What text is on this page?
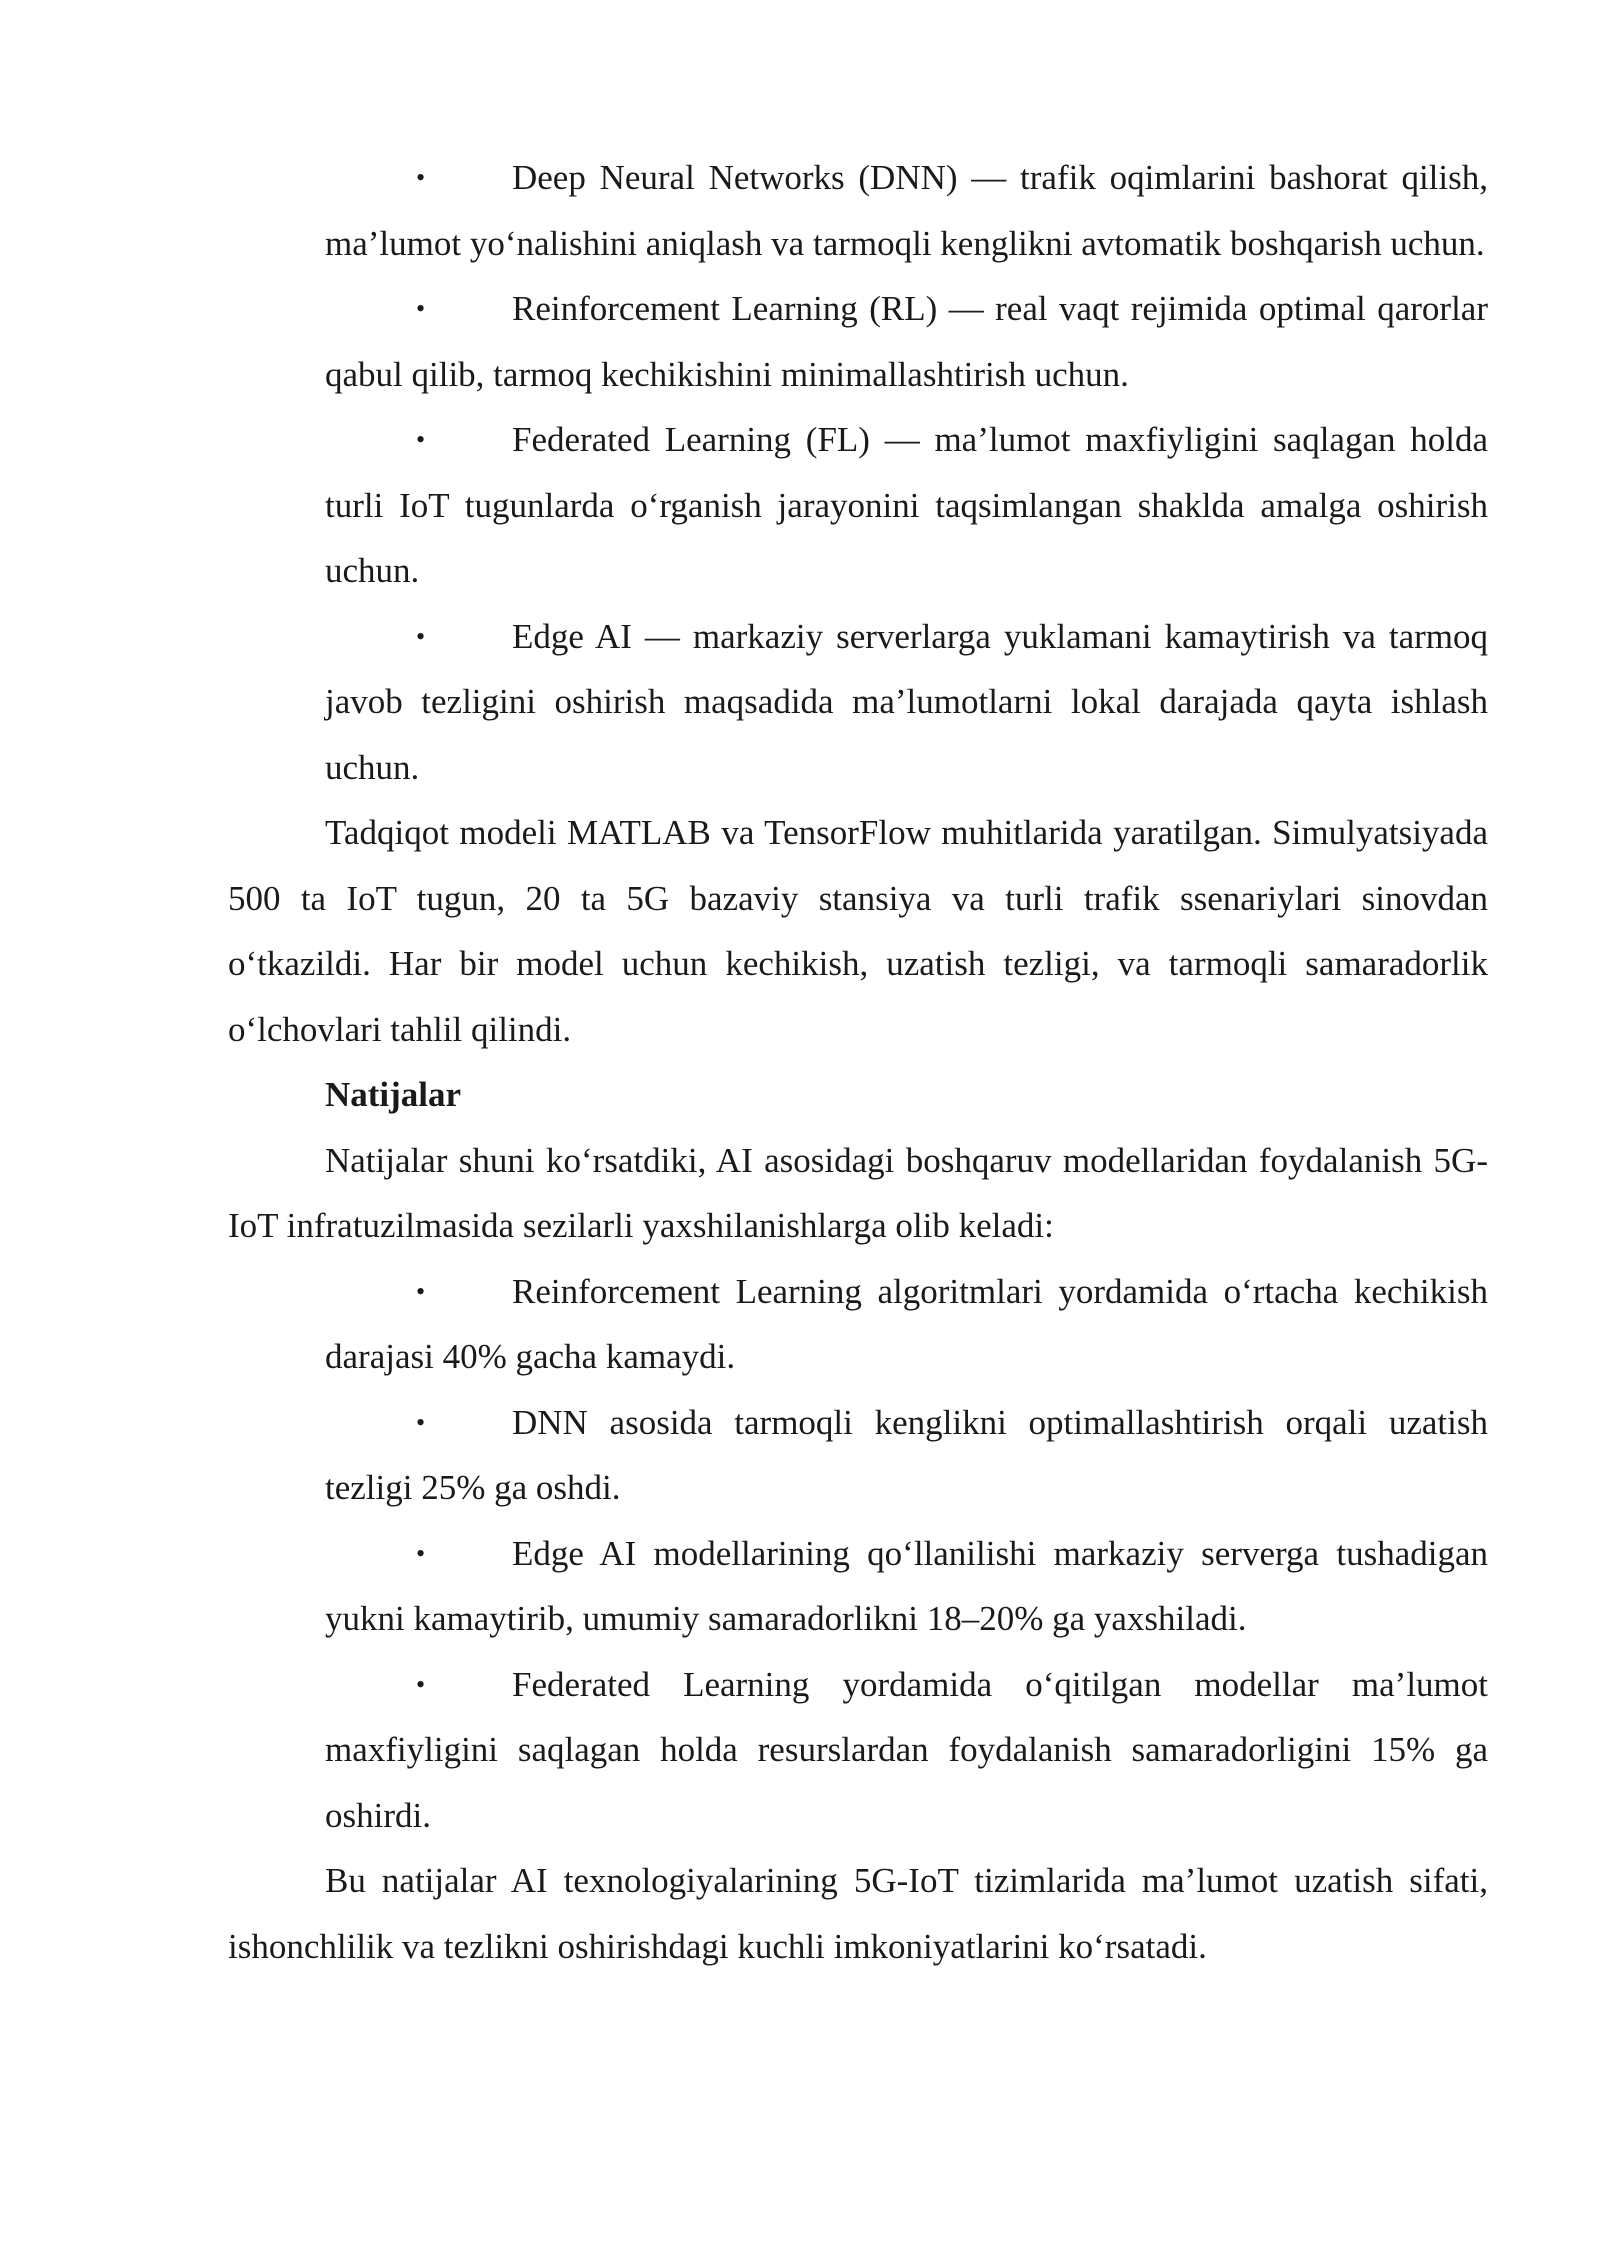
•	Deep Neural Networks (DNN) — trafik oqimlarini bashorat qilish, ma’lumot yo‘nalishini aniqlash va tarmoqli kenglikni avtomatik boshqarish uchun.
•	Reinforcement Learning (RL) — real vaqt rejimida optimal qarorlar qabul qilib, tarmoq kechikishini minimallashtirish uchun.
•	Federated Learning (FL) — ma’lumot maxfiyligini saqlagan holda turli IoT tugunlarda o‘rganish jarayonini taqsimlangan shaklda amalga oshirish uchun.
•	Edge AI — markaziy serverlarga yuklamani kamaytirish va tarmoq javob tezligini oshirish maqsadida ma’lumotlarni lokal darajada qayta ishlash uchun.
Tadqiqot modeli MATLAB va TensorFlow muhitlarida yaratilgan. Simulyatsiyada 500 ta IoT tugun, 20 ta 5G bazaviy stansiya va turli trafik ssenariylari sinovdan o‘tkazildi. Har bir model uchun kechikish, uzatish tezligi, va tarmoqli samaradorlik o‘lchovlari tahlil qilindi.
Natijalar
Natijalar shuni ko‘rsatdiki, AI asosidagi boshqaruv modellaridan foydalanish 5G-IoT infratuzilmasida sezilarli yaxshilanishlarga olib keladi:
•	Reinforcement Learning algoritmlari yordamida o‘rtacha kechikish darajasi 40% gacha kamaydi.
•	DNN asosida tarmoqli kenglikni optimallashtirish orqali uzatish tezligi 25% ga oshdi.
•	Edge AI modellarining qo‘llanilishi markaziy serverga tushadigan yukni kamaytirib, umumiy samaradorlikni 18–20% ga yaxshiladi.
•	Federated Learning yordamida o‘qitilgan modellar ma’lumot maxfiyligini saqlagan holda resurslardan foydalanish samaradorligini 15% ga oshirdi.
Bu natijalar AI texnologiyalarining 5G-IoT tizimlarida ma’lumot uzatish sifati, ishonchlilik va tezlikni oshirishdagi kuchli imkoniyatlarini ko‘rsatadi.
